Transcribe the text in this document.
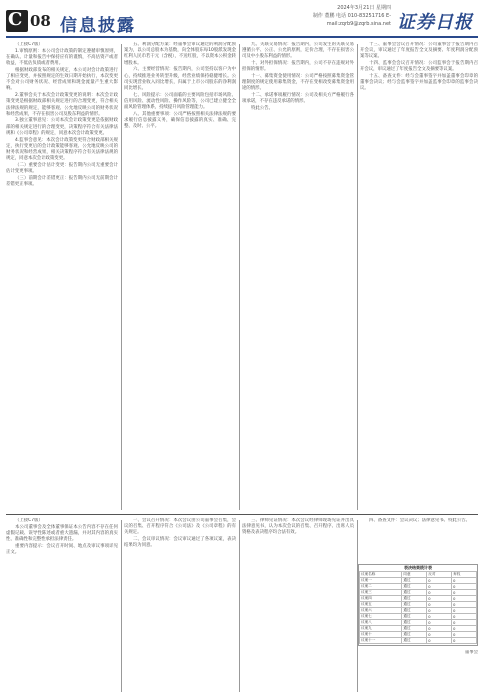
C 08 信息披露
2024年3月21日 星期四
制作 董鹏 电话 010-83251716 E-mail:zqrb9@zqrb.sina.net 证券日报

（上接C7版）

1.审慎原则：本公司会计政策的制定遵循审慎原则，在确认、计量和报告中保持应有的谨慎，不高估资产或者收益，不低估负债或者费用。

根据财政部发布的相关规定，本公司对会计政策进行了相应变更，并按照规定的生效日期开始执行，本次变更不会对公司财务状况、经营成果和现金流量产生重大影响。

2.董事会关于本次会计政策变更的说明：本次会计政策变更是根据财政部相关规定进行的合理变更，符合相关法律法规的规定，能够客观、公允地反映公司的财务状况和经营成果，不存在损害公司及股东利益的情形。

3.独立董事意见：公司本次会计政策变更是依据财政部的相关规定进行的合理变更，决策程序符合有关法律法规和《公司章程》的规定，同意本次会计政策变更。

4.监事会意见：本次会计政策变更符合财政部相关规定，执行变更后的会计政策能够客观、公允地反映公司的财务状况和经营成果，相关决策程序符合有关法律法规的规定，同意本次会计政策变更。

（二）重要会计估计变更：报告期内公司无重要会计估计变更事项。

（三）前期会计差错更正：报告期内公司无前期会计差错更正事项。

五、利润分配方案：经董事会审议通过的利润分配预案为，以公司总股本为基数，向全体股东每10股派发现金红利人民币若干元（含税），不送红股，不以资本公积金转增股本。

六、主要经营情况：报告期内，公司坚持以客户为中心，持续推进业务转型升级，经营业绩保持稳健增长。公司实现营业收入同比增长，归属于上市公司股东的净利润同比增长。

七、风险提示：公司面临的主要风险包括市场风险、信用风险、流动性风险、操作风险等，公司已建立健全全面风险管理体系，持续提升风险管理能力。

八、其他重要事项：公司严格按照相关法律法规的要求履行信息披露义务，确保信息披露的真实、准确、完整、及时、公平。

九、关联交易情况：报告期内，公司发生的关联交易遵循公平、公正、公允的原则，定价合理，不存在损害公司及中小股东利益的情形。

十、对外担保情况：报告期内，公司不存在违规对外担保的情形。

十一、募集资金使用情况：公司严格按照募集资金管理制度的规定使用募集资金，不存在变相改变募集资金用途的情形。

十二、承诺事项履行情况：公司及相关方严格履行各项承诺，不存在违反承诺的情形。

特此公告。

十三、董事会会议召开情况：公司董事会于报告期内召开会议，审议通过了年度报告全文及摘要、年度利润分配预案等议案。

十四、监事会会议召开情况：公司监事会于报告期内召开会议，审议通过了年度报告全文及摘要等议案。

十五、备查文件：经与会董事签字并加盖董事会印章的董事会决议；经与会监事签字并加盖监事会印章的监事会决议。

（上接C7版）

本公司董事会及全体董事保证本公告内容不存在任何虚假记载、误导性陈述或者重大遗漏，并对其内容的真实性、准确性和完整性承担法律责任。

重要内容提示：会议召开时间、地点及审议事项详见正文。

一、会议召开情况：本次会议由公司董事会召集，会议的召集、召开程序符合《公司法》及《公司章程》的有关规定。

二、会议审议情况：会议审议通过了各项议案，表决结果均为同意。

三、律师见证情况：本次会议经律师现场见证并出具法律意见书，认为本次会议的召集、召开程序、出席人员资格及表决程序均合法有效。

四、备查文件：会议决议；法律意见书。特此公告。

表决结果统计表
议案名称	同意	反对	弃权
议案一	通过	0	0
议案二	通过	0	0
议案三	通过	0	0
议案四	通过	0	0
议案五	通过	0	0
议案六	通过	0	0
议案七	通过	0	0
议案八	通过	0	0
议案九	通过	0	0
议案十	通过	0	0
议案十一	通过	0	0

董事会
